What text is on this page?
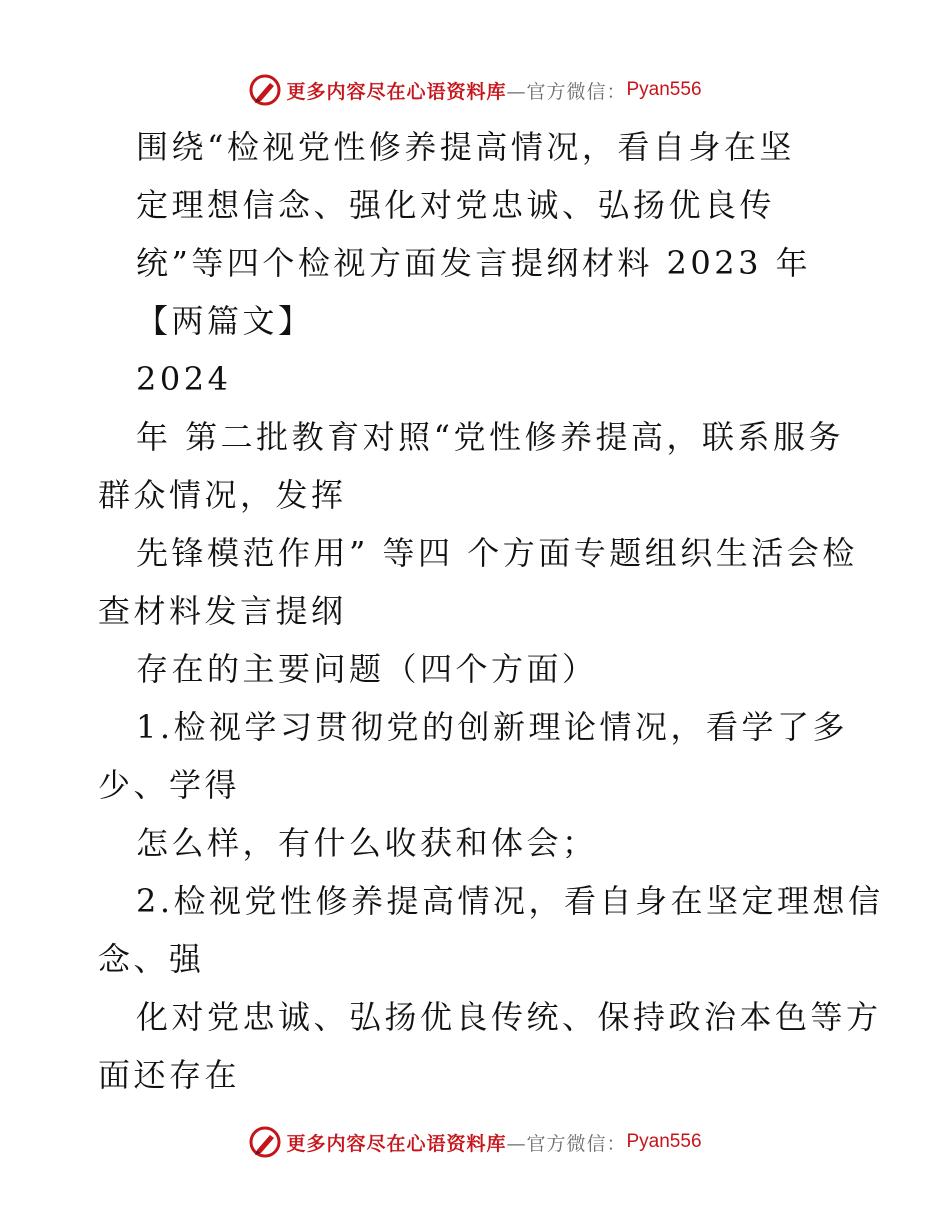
更多内容尽在心语资料库 —官方微信： Pyan556
围绕“检视党性修养提高情况，看自身在坚
定理想信念、强化对党忠诚、弘扬优良传
统”等四个检视方面发言提纲材料 2023 年
【两篇文】
2024
年 第二批教育对照“党性修养提高，联系服务
群众情况，发挥
先锋模范作用” 等四 个方面专题组织生活会检
查材料发言提纲
存在的主要问题（四个方面）
1.检视学习贯彻党的创新理论情况，看学了多
少、学得
怎么样，有什么收获和体会；
2.检视党性修养提高情况，看自身在坚定理想信
念、强
化对党忠诚、弘扬优良传统、保持政治本色等方
面还存在
更多内容尽在心语资料库 —官方微信： Pyan556
